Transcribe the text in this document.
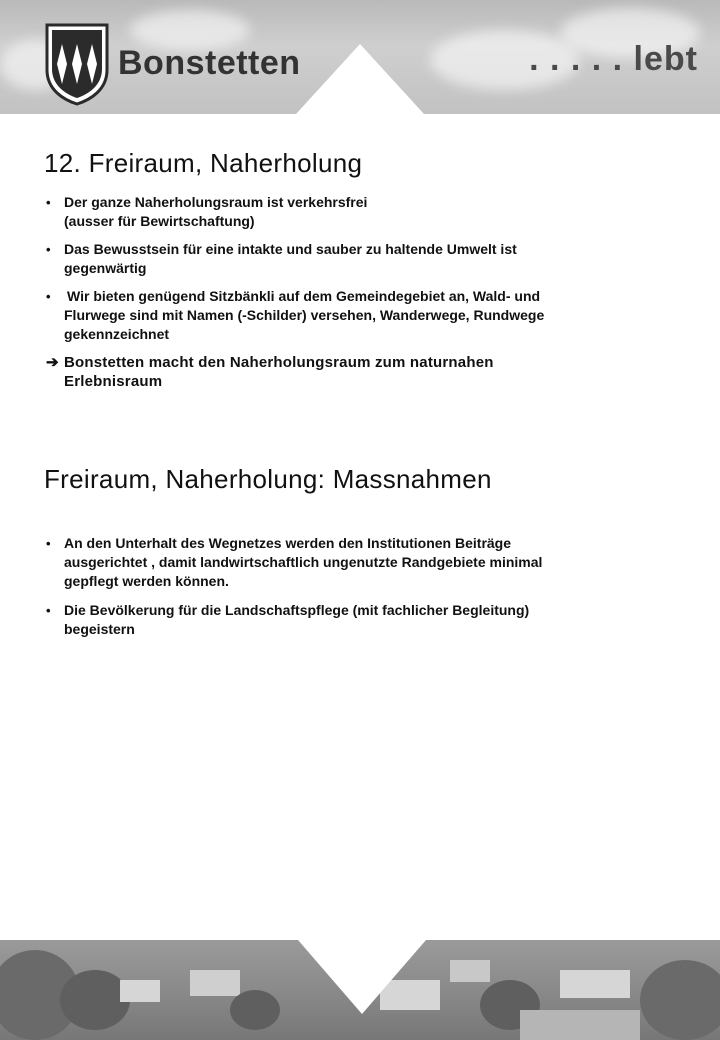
Bonstetten	. . . . . lebt
12. Freiraum, Naherholung
• Der ganze Naherholungsraum ist verkehrsfrei
(ausser für Bewirtschaftung)
• Das Bewusstsein für eine intakte und sauber zu haltende Umwelt ist
gegenwärtig
• Wir bieten genügend Sitzbänkli auf dem Gemeindegebiet an, Wald- und
Flurwege sind mit Namen (-Schilder) versehen, Wanderwege, Rundwege
gekennzeichnet
➔ Bonstetten macht den Naherholungsraum zum naturnahen
Erlebnisraum
Freiraum, Naherholung: Massnahmen
• An den Unterhalt des Wegnetzes werden den Institutionen Beiträge
ausgerichtet , damit landwirtschaftlich ungenutzte Randgebiete minimal
gepflegt werden können.
• Die Bevölkerung für die Landschaftspflege (mit fachlicher Begleitung)
begeistern
